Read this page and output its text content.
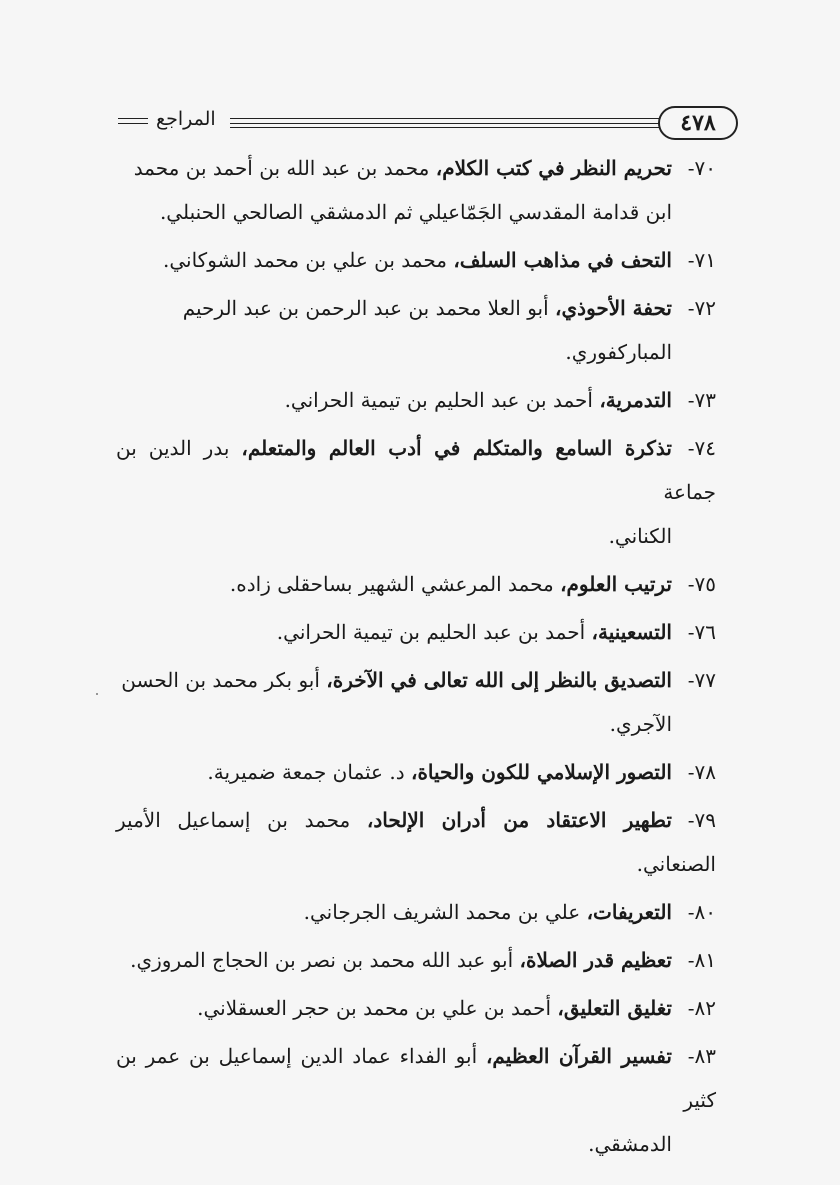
المراجع	٤٧٨
٧٠-تحريم النظر في كتب الكلام، محمد بن عبد الله بن أحمد بن محمد
ابن قدامة المقدسي الجَمّاعيلي ثم الدمشقي الصالحي الحنبلي.
٧١-التحف في مذاهب السلف، محمد بن علي بن محمد الشوكاني.
٧٢-تحفة الأحوذي، أبو العلا محمد بن عبد الرحمن بن عبد الرحيم
المباركفوري.
٧٣-التدمرية، أحمد بن عبد الحليم بن تيمية الحراني.
٧٤-تذكرة السامع والمتكلم في أدب العالم والمتعلم، بدر الدين بن جماعة
الكناني.
٧٥-ترتيب العلوم، محمد المرعشي الشهير بساحقلى زاده.
٧٦-التسعينية، أحمد بن عبد الحليم بن تيمية الحراني.
٧٧-التصديق بالنظر إلى الله تعالى في الآخرة، أبو بكر محمد بن الحسن
الآجري.
٧٨-التصور الإسلامي للكون والحياة، د. عثمان جمعة ضميرية.
٧٩-تطهير الاعتقاد من أدران الإلحاد، محمد بن إسماعيل الأمير الصنعاني.
٨٠-التعريفات، علي بن محمد الشريف الجرجاني.
٨١-تعظيم قدر الصلاة، أبو عبد الله محمد بن نصر بن الحجاج المروزي.
٨٢-تغليق التعليق، أحمد بن علي بن محمد بن حجر العسقلاني.
٨٣-تفسير القرآن العظيم، أبو الفداء عماد الدين إسماعيل بن عمر بن كثير
الدمشقي.
